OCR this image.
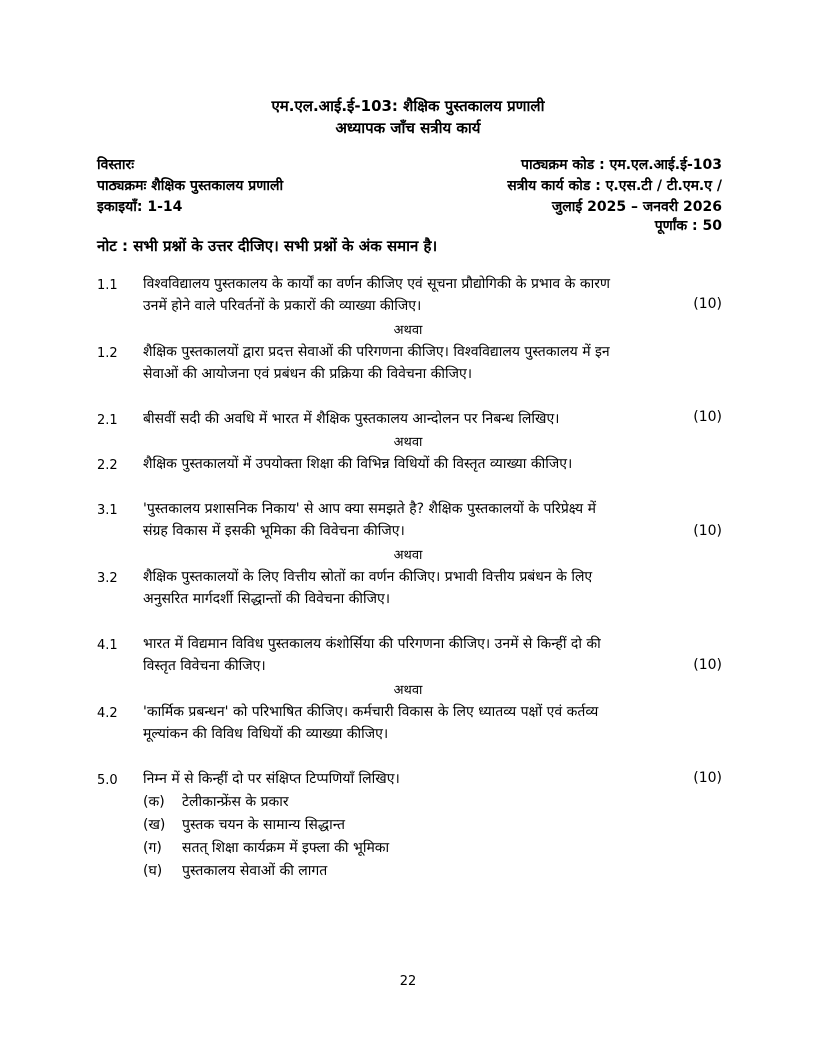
एम.एल.आई.ई-103: शैक्षिक पुस्तकालय प्रणाली
अध्यापक जाँच सत्रीय कार्य
विस्तारः
पाठ्यक्रमः शैक्षिक पुस्तकालय प्रणाली
इकाइयाँ: 1-14
पाठ्यक्रम कोड : एम.एल.आई.ई-103
सत्रीय कार्य कोड : ए.एस.टी / टी.एम.ए /
जुलाई 2025 – जनवरी 2026
पूर्णांक : 50
नोट : सभी प्रश्नों के उत्तर दीजिए। सभी प्रश्नों के अंक समान है।
1.1 विश्वविद्यालय पुस्तकालय के कार्यों का वर्णन कीजिए एवं सूचना प्रौद्योगिकी के प्रभाव के कारण
उनमें होने वाले परिवर्तनों के प्रकारों की व्याख्या कीजिए।	(10)
अथवा
1.2 शैक्षिक पुस्तकालयों द्वारा प्रदत्त सेवाओं की परिगणना कीजिए। विश्वविद्यालय पुस्तकालय में इन
सेवाओं की आयोजना एवं प्रबंधन की प्रक्रिया की विवेचना कीजिए।
2.1 बीसवीं सदी की अवधि में भारत में शैक्षिक पुस्तकालय आन्दोलन पर निबन्ध लिखिए।	(10)
अथवा
2.2 शैक्षिक पुस्तकालयों में उपयोक्ता शिक्षा की विभिन्न विधियों की विस्तृत व्याख्या कीजिए।
3.1 'पुस्तकालय प्रशासनिक निकाय' से आप क्या समझते है? शैक्षिक पुस्तकालयों के परिप्रेक्ष्य में
संग्रह विकास में इसकी भूमिका की विवेचना कीजिए।	(10)
अथवा
3.2 शैक्षिक पुस्तकालयों के लिए वित्तीय स्रोतों का वर्णन कीजिए। प्रभावी वित्तीय प्रबंधन के लिए
अनुसरित मार्गदर्शी सिद्धान्तों की विवेचना कीजिए।
4.1 भारत में विद्यमान विविध पुस्तकालय कंशोर्सिया की परिगणना कीजिए। उनमें से किन्हीं दो की
विस्तृत विवेचना कीजिए।	(10)
अथवा
4.2 'कार्मिक प्रबन्धन' को परिभाषित कीजिए। कर्मचारी विकास के लिए ध्यातव्य पक्षों एवं कर्तव्य
मूल्यांकन की विविध विधियों की व्याख्या कीजिए।
5.0 निम्न में से किन्हीं दो पर संक्षिप्त टिप्पणियाँ लिखिए।	(10)
(क) टेलीकान्फ्रेंस के प्रकार
(ख) पुस्तक चयन के सामान्य सिद्धान्त
(ग) सतत् शिक्षा कार्यक्रम में इफ्ला की भूमिका
(घ) पुस्तकालय सेवाओं की लागत
22
